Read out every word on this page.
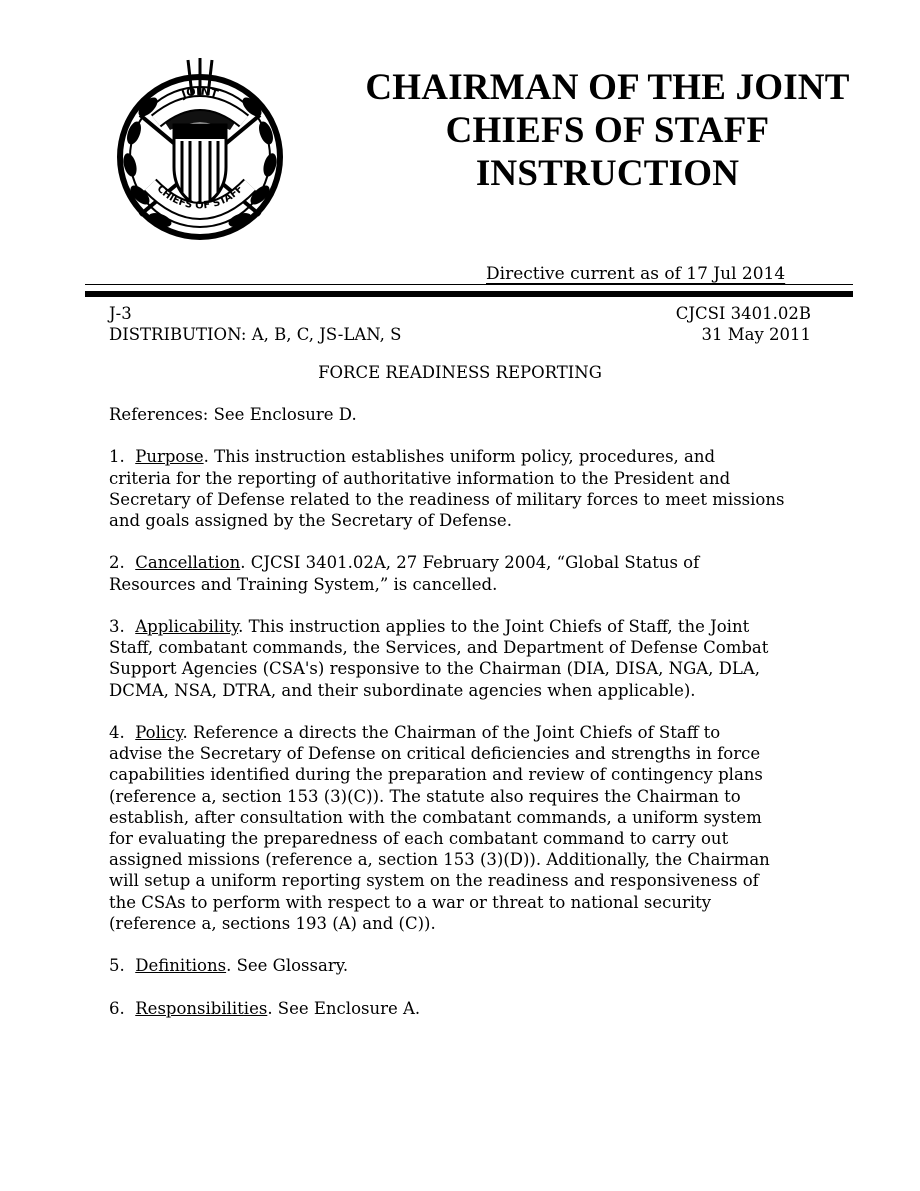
JOINT
CHIEFS OF STAFF
CHAIRMAN OF THE JOINT
CHIEFS OF STAFF
INSTRUCTION
Directive current as of 17 Jul 2014
J-3
DISTRIBUTION: A, B, C, JS-LAN, S
CJCSI 3401.02B
31 May 2011
FORCE READINESS REPORTING

References: See Enclosure D.

1. Purpose. This instruction establishes uniform policy, procedures, and
criteria for the reporting of authoritative information to the President and
Secretary of Defense related to the readiness of military forces to meet missions
and goals assigned by the Secretary of Defense.

2. Cancellation. CJCSI 3401.02A, 27 February 2004, “Global Status of
Resources and Training System,” is cancelled.

3. Applicability. This instruction applies to the Joint Chiefs of Staff, the Joint
Staff, combatant commands, the Services, and Department of Defense Combat
Support Agencies (CSA's) responsive to the Chairman (DIA, DISA, NGA, DLA,
DCMA, NSA, DTRA, and their subordinate agencies when applicable).

4. Policy. Reference a directs the Chairman of the Joint Chiefs of Staff to
advise the Secretary of Defense on critical deficiencies and strengths in force
capabilities identified during the preparation and review of contingency plans
(reference a, section 153 (3)(C)). The statute also requires the Chairman to
establish, after consultation with the combatant commands, a uniform system
for evaluating the preparedness of each combatant command to carry out
assigned missions (reference a, section 153 (3)(D)). Additionally, the Chairman
will setup a uniform reporting system on the readiness and responsiveness of
the CSAs to perform with respect to a war or threat to national security
(reference a, sections 193 (A) and (C)).

5. Definitions. See Glossary.

6. Responsibilities. See Enclosure A.
